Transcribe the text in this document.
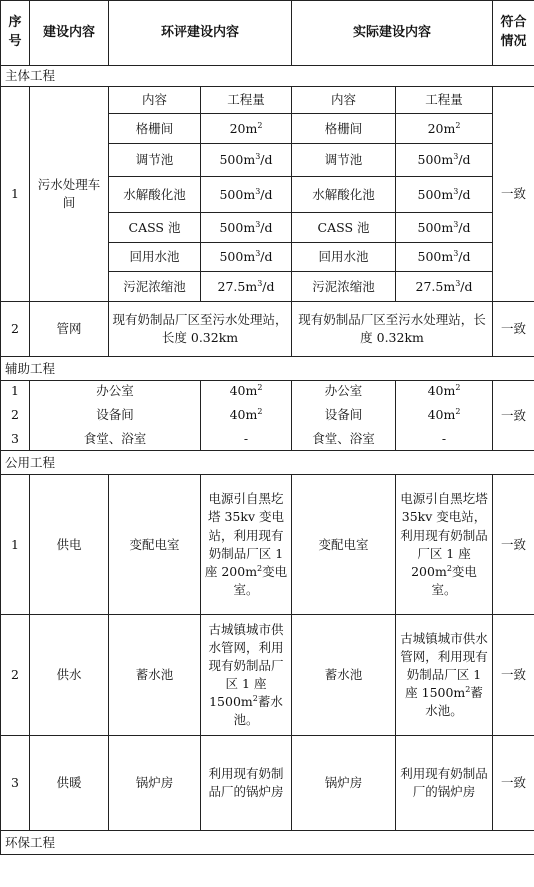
序号	建设内容	环评建设内容		实际建设内容		符合情况
主体工程						
1	污水处理车间	内容	工程量	内容	工程量	一致
		格栅间	$20m^2$	格栅间	$20m^2$
		调节池	$500m^3/d$	调节池	$500m^3/d$	
		水解酸化池	$500m^3/d$	水解酸化池	$500m^3/d$	
		CASS 池	$500m^3/d$	CASS 池	$500m^3/d$	
		回用水池	$500m^3/d$	回用水池	$500m^3/d$	
		污泥浓缩池	$27.5m^3/d$	污泥浓缩池	$27.5m^3/d$	
2	管网	现有奶制品厂区至污水处理站，长度 0.32km		现有奶制品厂区至污水处理站，长度 0.32km		一致
辅助工程						
1	办公室		$40m^2$	办公室	$40m^2$	一致
2	设备间		$40m^2$	设备间	$40m^2$
3	食堂、浴室		-	食堂、浴室	-	
公用工程						
1	供电	变配电室	电源引自黑圪塔 35kv 变电站，利用现有奶制品厂区 1 座 $200m^2$变电室。	变配电室	电源引自黑圪塔 35kv 变电站，利用现有奶制品厂区 1 座 $200m^2$变电室。	一致
2	供水	蓄水池	古城镇城市供水管网，利用现有奶制品厂区 1 座 $1500m^2$蓄水池。	蓄水池	古城镇城市供水管网，利用现有奶制品厂区 1 座 $1500m^2$蓄水池。	一致
3	供暖	锅炉房	利用现有奶制品厂的锅炉房	锅炉房	利用现有奶制品厂的锅炉房	一致
环保工程						
